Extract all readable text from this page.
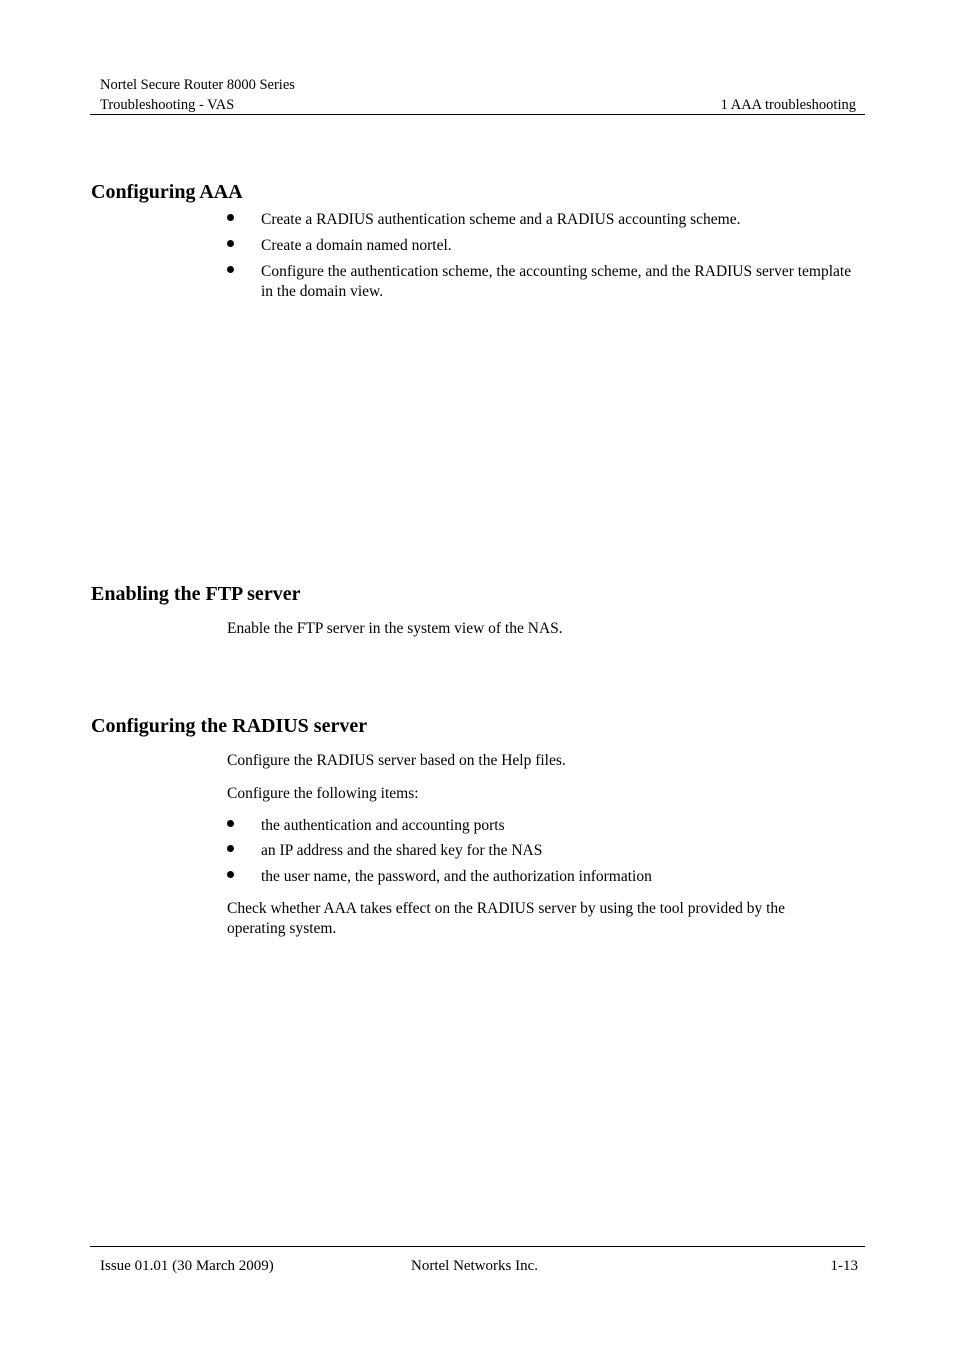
Nortel Secure Router 8000 Series
Troubleshooting - VAS	1 AAA troubleshooting
Configuring AAA
Create a RADIUS authentication scheme and a RADIUS accounting scheme.
Create a domain named nortel.
Configure the authentication scheme, the accounting scheme, and the RADIUS server template in the domain view.
Enabling the FTP server
Enable the FTP server in the system view of the NAS.
Configuring the RADIUS server
Configure the RADIUS server based on the Help files.
Configure the following items:
the authentication and accounting ports
an IP address and the shared key for the NAS
the user name, the password, and the authorization information
Check whether AAA takes effect on the RADIUS server by using the tool provided by the operating system.
Issue 01.01 (30 March 2009)	Nortel Networks Inc.	1-13
